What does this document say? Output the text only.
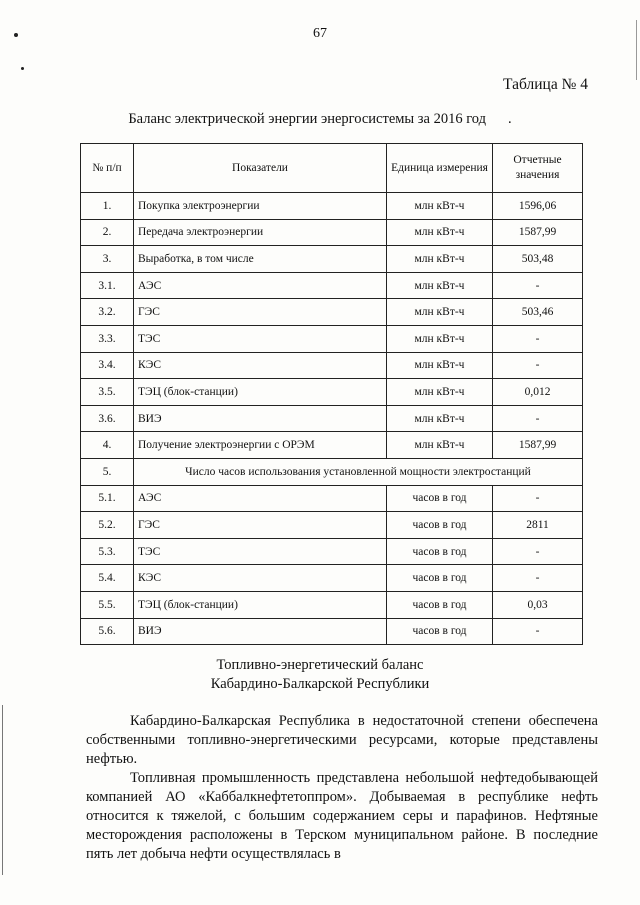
67
Таблица № 4
Баланс электрической энергии энергосистемы за 2016 год .
№ п/п	Показатели	Единица измерения	Отчетные значения
1.	Покупка электроэнергии	млн кВт-ч	1596,06
2.	Передача электроэнергии	млн кВт-ч	1587,99
3.	Выработка, в том числе	млн кВт-ч	503,48
3.1.	АЭС	млн кВт-ч	-
3.2.	ГЭС	млн кВт-ч	503,46
3.3.	ТЭС	млн кВт-ч	-
3.4.	КЭС	млн кВт-ч	-
3.5.	ТЭЦ (блок-станции)	млн кВт-ч	0,012
3.6.	ВИЭ	млн кВт-ч	-
4.	Получение электроэнергии с ОРЭМ	млн кВт-ч	1587,99
5.	Число часов использования установленной мощности электростанций		
5.1.	АЭС	часов в год	-
5.2.	ГЭС	часов в год	2811
5.3.	ТЭС	часов в год	-
5.4.	КЭС	часов в год	-
5.5.	ТЭЦ (блок-станции)	часов в год	0,03
5.6.	ВИЭ	часов в год	-
Топливно-энергетический баланс
Кабардино-Балкарской Республики

Кабардино-Балкарская Республика в недостаточной степени обеспечена собственными топливно-энергетическими ресурсами, которые представлены нефтью.

Топливная промышленность представлена небольшой нефтедобывающей компанией АО «Каббалкнефтетоппром». Добываемая в республике нефть относится к тяжелой, с большим содержанием серы и парафинов. Нефтяные месторождения расположены в Терском муниципальном районе. В последние пять лет добыча нефти осуществлялась в
